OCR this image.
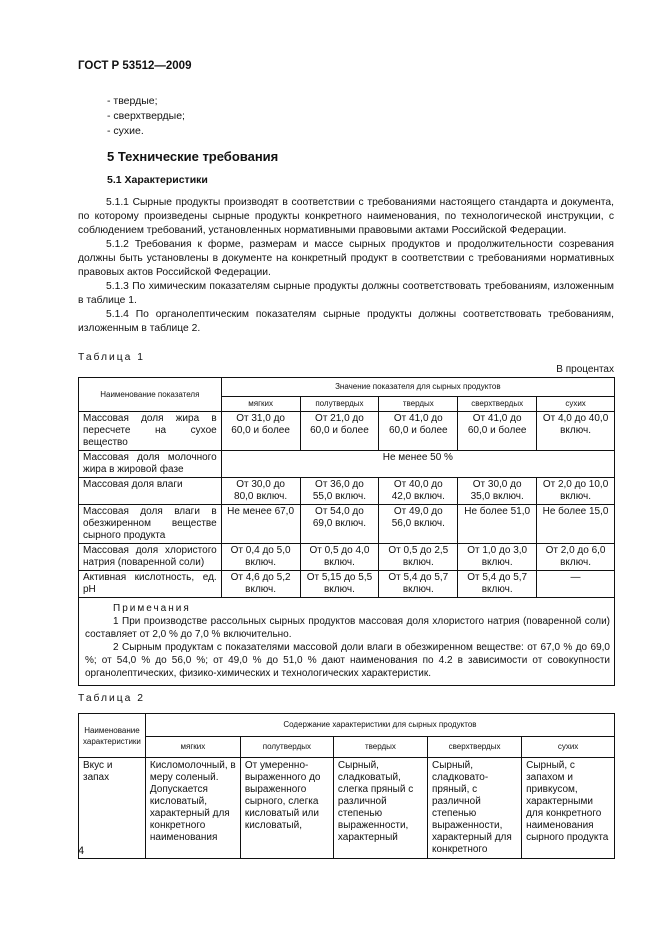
ГОСТ Р 53512—2009
- твердые;
- сверхтвердые;
- сухие.
5 Технические требования
5.1 Характеристики

5.1.1 Сырные продукты производят в соответствии с требованиями настоящего стандарта и документа, по которому произведены сырные продукты конкретного наименования, по технологической инструкции, с соблюдением требований, установленных нормативными правовыми актами Российской Федерации.

5.1.2 Требования к форме, размерам и массе сырных продуктов и продолжительности созревания должны быть установлены в документе на конкретный продукт в соответствии с требованиями нормативных правовых актов Российской Федерации.

5.1.3 По химическим показателям сырные продукты должны соответствовать требованиям, изложенным в таблице 1.

5.1.4 По органолептическим показателям сырные продукты должны соответствовать требованиям, изложенным в таблице 2.

Таблица 1
В процентах
Наименование показателя	Значение показателя для сырных продуктов				
	мягких	полутвердых	твердых	сверхтвердых	сухих
Массовая доля жира в пересчете на сухое вещество	От 31,0 до 60,0 и более	От 21,0 до 60,0 и более	От 41,0 до 60,0 и более	От 41,0 до 60,0 и более	От 4,0 до 40,0 включ.
Массовая доля молочного жира в жировой фазе	Не менее 50 %				
Массовая доля влаги	От 30,0 до 80,0 включ.	От 36,0 до 55,0 включ.	От 40,0 до 42,0 включ.	От 30,0 до 35,0 включ.	От 2,0 до 10,0 включ.
Массовая доля влаги в обезжиренном веществе сырного продукта	Не менее 67,0	От 54,0 до 69,0 включ.	От 49,0 до 56,0 включ.	Не более 51,0	Не более 15,0
Массовая доля хлористого натрия (поваренной соли)	От 0,4 до 5,0 включ.	От 0,5 до 4,0 включ.	От 0,5 до 2,5 включ.	От 1,0 до 3,0 включ.	От 2,0 до 6,0 включ.
Активная кислотность, ед. pH	От 4,6 до 5,2 включ.	От 5,15 до 5,5 включ.	От 5,4 до 5,7 включ.	От 5,4 до 5,7 включ.	—

Примечания

1 При производстве рассольных сырных продуктов массовая доля хлористого натрия (поваренной соли) составляет от 2,0 % до 7,0 % включительно.

2 Сырным продуктам с показателями массовой доли влаги в обезжиренном веществе: от 67,0 % до 69,0 %; от 54,0 % до 56,0 %; от 49,0 % до 51,0 % дают наименования по 4.2 в зависимости от совокупности органолептических, физико-химических и технологических характеристик.					

Таблица 2
Наименование характеристики	Содержание характеристики для сырных продуктов				
	мягких	полутвердых	твердых	сверхтвердых	сухих
Вкус и запах	Кисломолочный, в меру соленый. Допускается кисловатый, характерный для конкретного наименования	От умеренно-выраженного до выраженного сырного, слегка кисловатый или кисловатый,	Сырный, сладковатый, слегка пряный с различной степенью выраженности, характерный	Сырный, сладковато-пряный, с различной степенью выраженности, характерный для конкретного	Сырный, с запахом и привкусом, характерными для конкретного наименования сырного продукта
4
